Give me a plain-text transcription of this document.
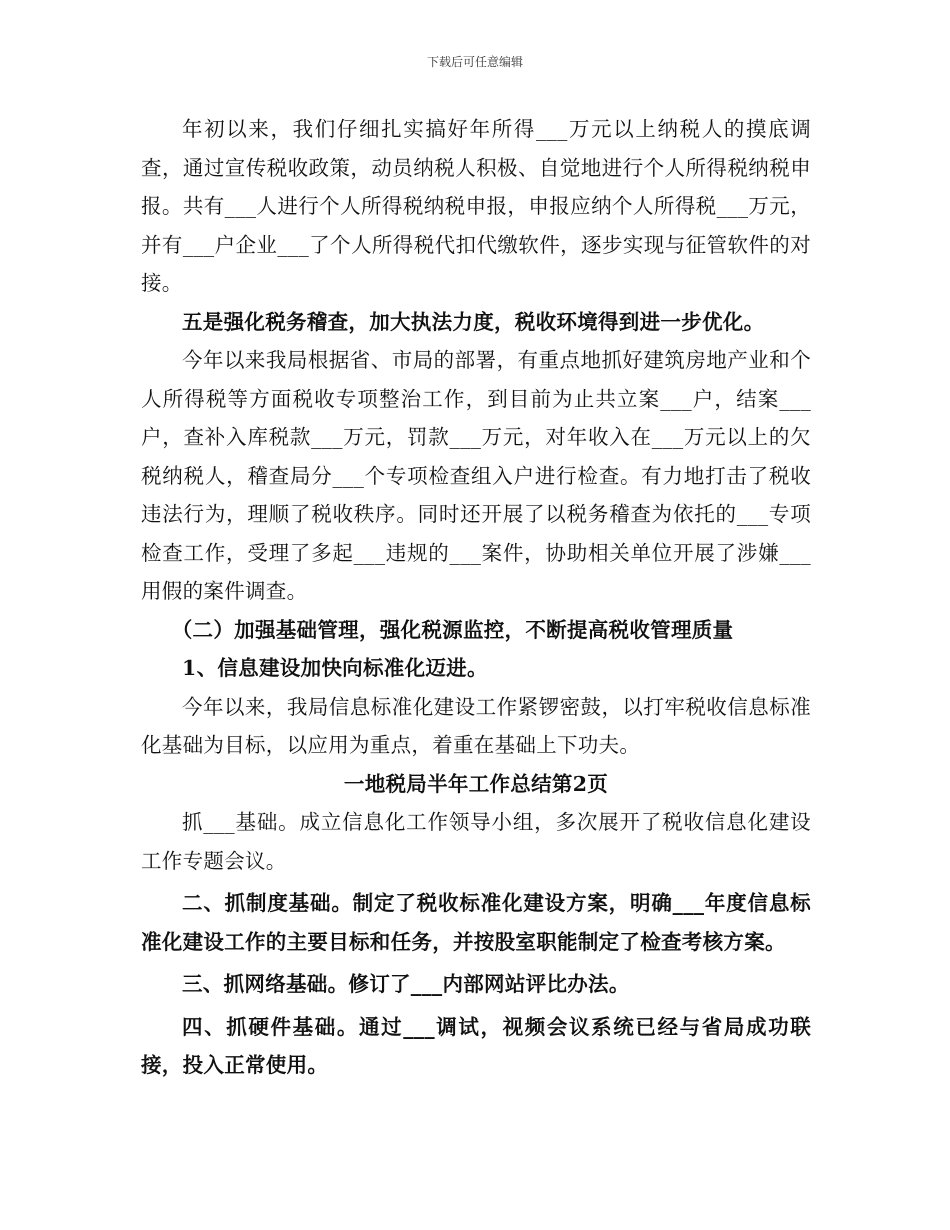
下载后可任意编辑

年初以来，我们仔细扎实搞好年所得___万元以上纳税人的摸底调查，通过宣传税收政策，动员纳税人积极、自觉地进行个人所得税纳税申报。共有___人进行个人所得税纳税申报，申报应纳个人所得税___万元，并有___户企业___了个人所得税代扣代缴软件，逐步实现与征管软件的对接。

五是强化税务稽查，加大执法力度，税收环境得到进一步优化。

今年以来我局根据省、市局的部署，有重点地抓好建筑房地产业和个人所得税等方面税收专项整治工作，到目前为止共立案___户，结案___户，查补入库税款___万元，罚款___万元，对年收入在___万元以上的欠税纳税人，稽查局分___个专项检查组入户进行检查。有力地打击了税收违法行为，理顺了税收秩序。同时还开展了以税务稽查为依托的___专项检查工作，受理了多起___违规的___案件，协助相关单位开展了涉嫌___用假的案件调查。

（二）加强基础管理，强化税源监控，不断提高税收管理质量

1、信息建设加快向标准化迈进。

今年以来，我局信息标准化建设工作紧锣密鼓，以打牢税收信息标准化基础为目标，以应用为重点，着重在基础上下功夫。

一地税局半年工作总结第2页

抓___基础。成立信息化工作领导小组，多次展开了税收信息化建设工作专题会议。

二、抓制度基础。制定了税收标准化建设方案，明确___年度信息标准化建设工作的主要目标和任务，并按股室职能制定了检查考核方案。

三、抓网络基础。修订了___内部网站评比办法。

四、抓硬件基础。通过___调试，视频会议系统已经与省局成功联接，投入正常使用。
